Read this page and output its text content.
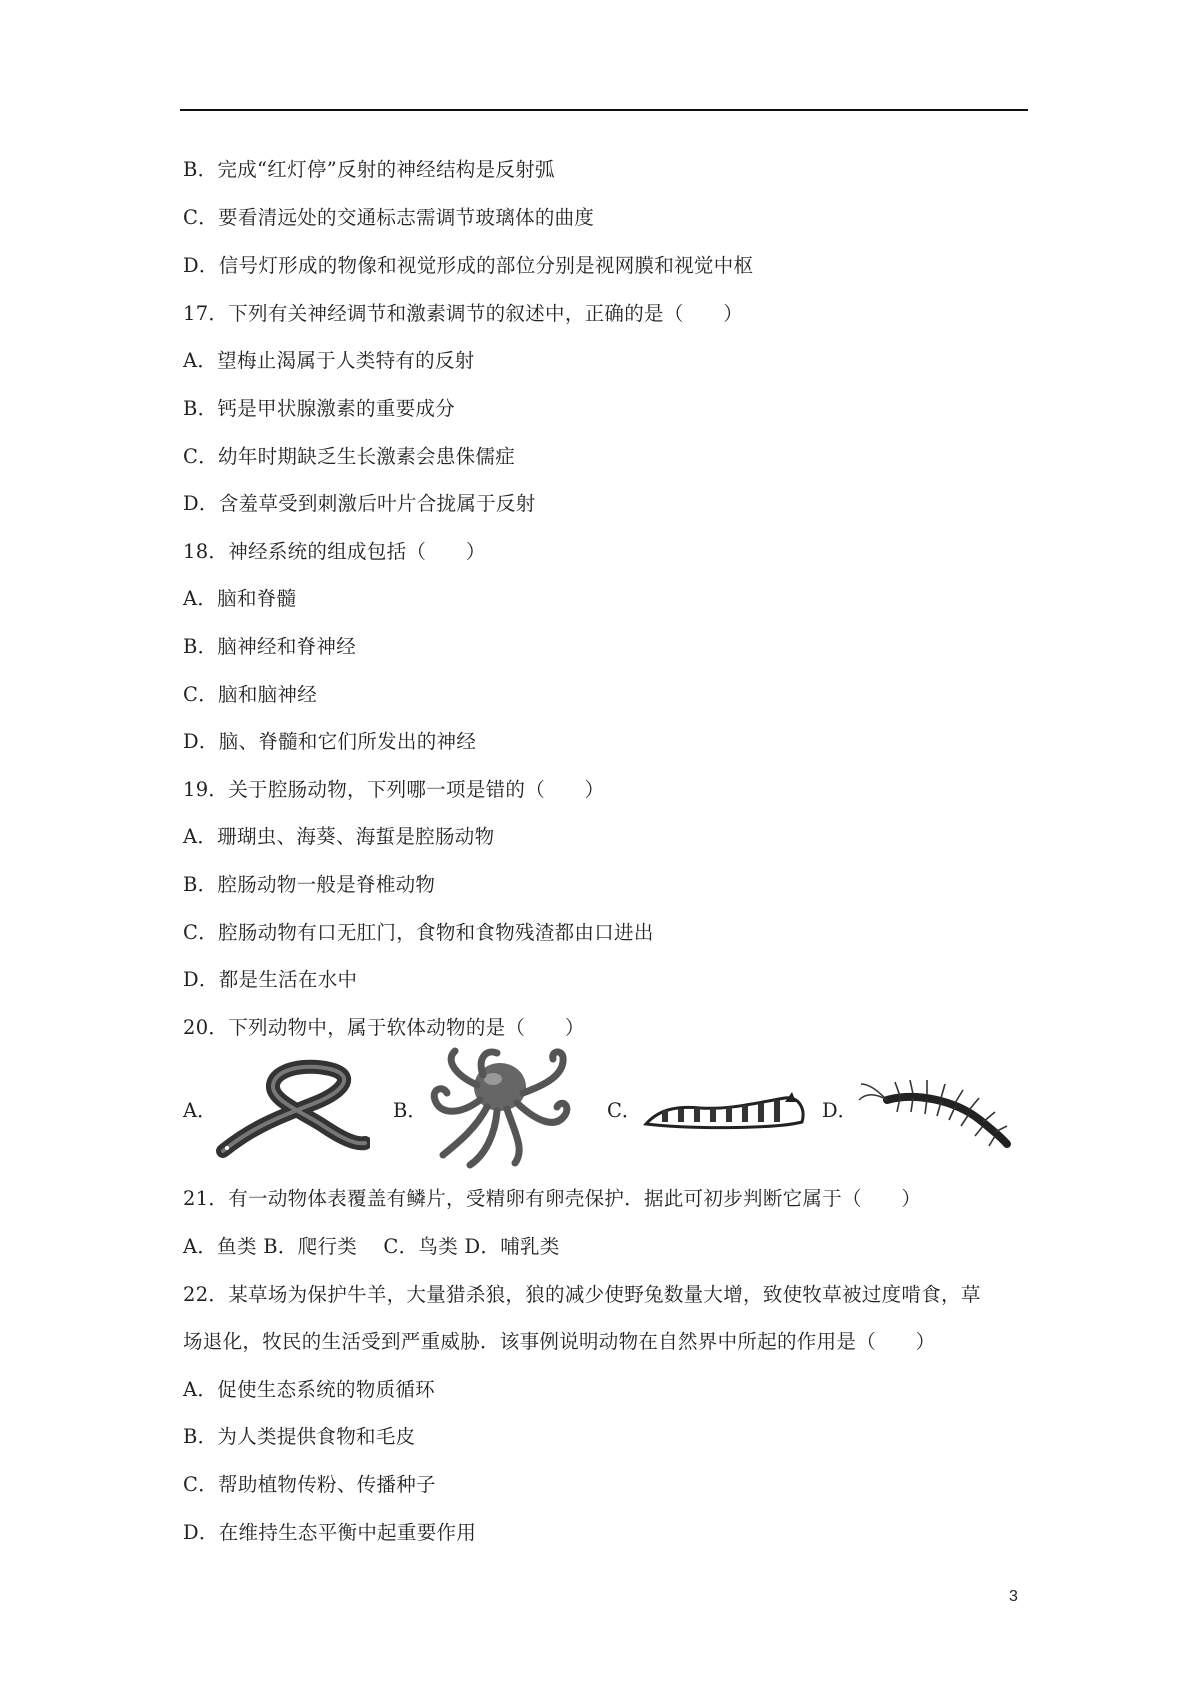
B．完成“红灯停”反射的神经结构是反射弧
C．要看清远处的交通标志需调节玻璃体的曲度
D．信号灯形成的物像和视觉形成的部位分别是视网膜和视觉中枢
17．下列有关神经调节和激素调节的叙述中，正确的是（　　）
A．望梅止渴属于人类特有的反射
B．钙是甲状腺激素的重要成分
C．幼年时期缺乏生长激素会患侏儒症
D．含羞草受到刺激后叶片合拢属于反射
18．神经系统的组成包括（　　）
A．脑和脊髓
B．脑神经和脊神经
C．脑和脑神经
D．脑、脊髓和它们所发出的神经
19．关于腔肠动物，下列哪一项是错的（　　）
A．珊瑚虫、海葵、海蜇是腔肠动物
B．腔肠动物一般是脊椎动物
C．腔肠动物有口无肛门，食物和食物残渣都由口进出
D．都是生活在水中
20．下列动物中，属于软体动物的是（　　）
A．	B．	C．	D．
21．有一动物体表覆盖有鳞片，受精卵有卵壳保护．据此可初步判断它属于（　　）
A．鱼类 B．爬行类　 C．鸟类 D．哺乳类
22．某草场为保护牛羊，大量猎杀狼，狼的减少使野兔数量大增，致使牧草被过度啃食，草
场退化，牧民的生活受到严重威胁．该事例说明动物在自然界中所起的作用是（　　）
A．促使生态系统的物质循环
B．为人类提供食物和毛皮
C．帮助植物传粉、传播种子
D．在维持生态平衡中起重要作用
3
